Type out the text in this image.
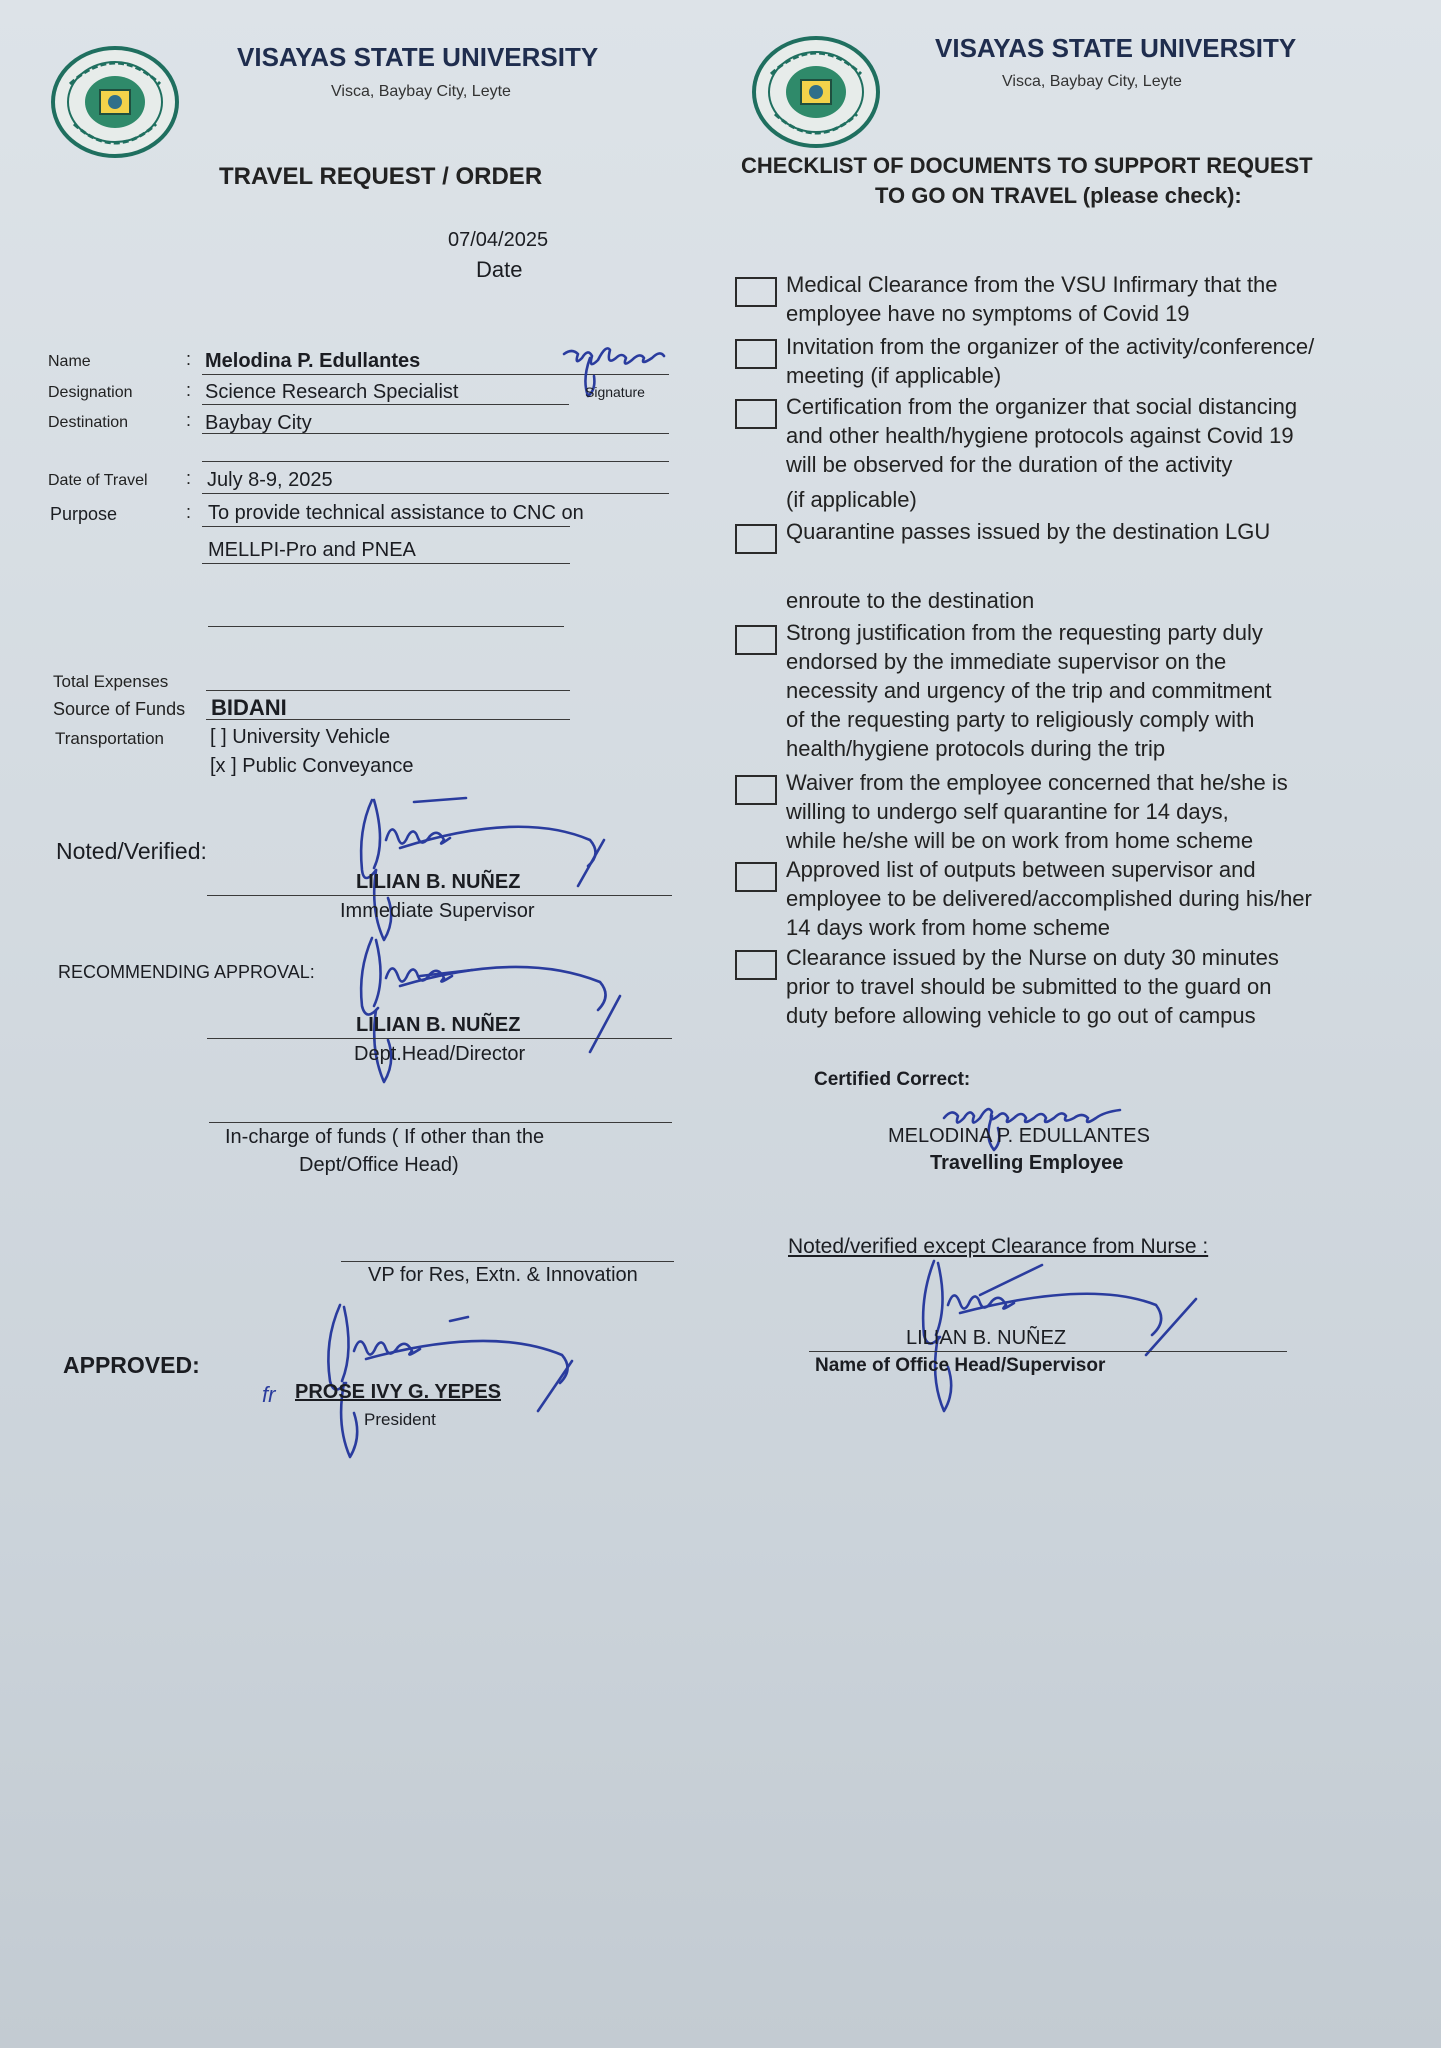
VISAYAS STATE UNIVERSITY
Visca, Baybay City, Leyte
TRAVEL REQUEST / ORDER
07/04/2025
Date
Name	: Melodina P. Edullantes
Signature
Designation	: Science Research Specialist
Destination	: Baybay City
Date of Travel : July 8-9, 2025
Purpose	: To provide technical assistance to CNC on
MELLPI-Pro and PNEA
Total Expenses
Source of Funds BIDANI
Transportation [ ] University Vehicle
[x ] Public Conveyance
Noted/Verified:
LILIAN B. NUÑEZ
Immediate Supervisor
RECOMMENDING APPROVAL:
LILIAN B. NUÑEZ
Dept.Head/Director
In-charge of funds ( If other than the
Dept/Office Head)
VP for Res, Extn. & Innovation
APPROVED:
fr PROSE IVY G. YEPES
President
VISAYAS STATE UNIVERSITY
Visca, Baybay City, Leyte
CHECKLIST OF DOCUMENTS TO SUPPORT REQUEST
TO GO ON TRAVEL (please check):
Medical Clearance from the VSU Infirmary that the
employee have no symptoms of Covid 19
Invitation from the organizer of the activity/conference/
meeting (if applicable)
Certification from the organizer that social distancing
and other health/hygiene protocols against Covid 19
will be observed for the duration of the activity
(if applicable)
Quarantine passes issued by the destination LGU
enroute to the destination
Strong justification from the requesting party duly
endorsed by the immediate supervisor on the
necessity and urgency of the trip and commitment
of the requesting party to religiously comply with
health/hygiene protocols during the trip
Waiver from the employee concerned that he/she is
willing to undergo self quarantine for 14 days,
while he/she will be on work from home scheme
Approved list of outputs between supervisor and
employee to be delivered/accomplished during his/her
14 days work from home scheme
Clearance issued by the Nurse on duty 30 minutes
prior to travel should be submitted to the guard on
duty before allowing vehicle to go out of campus
Certified Correct:
MELODINA P. EDULLANTES
Travelling Employee
Noted/verified except Clearance from Nurse :
LILIAN B. NUÑEZ
Name of Office Head/Supervisor
